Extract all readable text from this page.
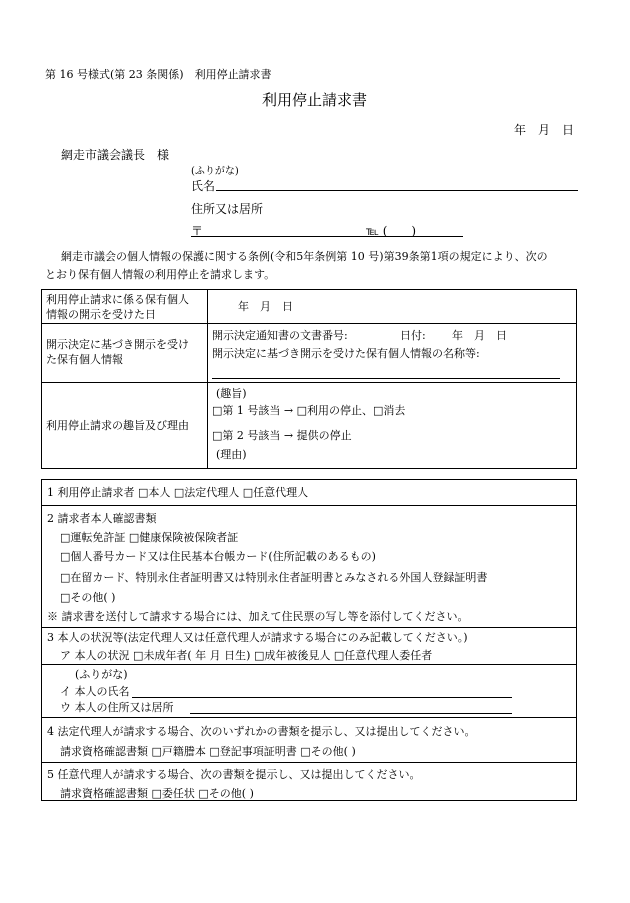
第 16 号様式(第 23 条関係)　利用停止請求書
利用停止請求書
年　月　日
網走市議会議長　様
(ふりがな)
氏名
住所又は居所
〒	℡ (　　)
網走市議会の個人情報の保護に関する条例(令和5年条例第 10 号)第39条第1項の規定により、次の
とおり保有個人情報の利用停止を請求します。
利用停止請求に係る保有個人
情報の開示を受けた日
年　月　日
開示決定に基づき開示を受け
た保有個人情報
開示決定通知書の文書番号:	日付: 年　月　日
開示決定に基づき開示を受けた保有個人情報の名称等:
利用停止請求の趣旨及び理由
(趣旨)
□第 1 号該当 → □利用の停止、□消去
□第 2 号該当 → 提供の停止
(理由)
1 利用停止請求者 □本人 □法定代理人 □任意代理人
2 請求者本人確認書類
□運転免許証 □健康保険被保険者証
□個人番号カード又は住民基本台帳カード(住所記載のあるもの)
□在留カード、特別永住者証明書又は特別永住者証明書とみなされる外国人登録証明書
□その他( )
※ 請求書を送付して請求する場合には、加えて住民票の写し等を添付してください。
3 本人の状況等(法定代理人又は任意代理人が請求する場合にのみ記載してください。)
ア 本人の状況 □未成年者( 年 月 日生) □成年被後見人 □任意代理人委任者
(ふりがな)
イ 本人の氏名
ウ 本人の住所又は居所
4 法定代理人が請求する場合、次のいずれかの書類を提示し、又は提出してください。
請求資格確認書類 □戸籍謄本 □登記事項証明書 □その他( )
5 任意代理人が請求する場合、次の書類を提示し、又は提出してください。
請求資格確認書類 □委任状 □その他( )
